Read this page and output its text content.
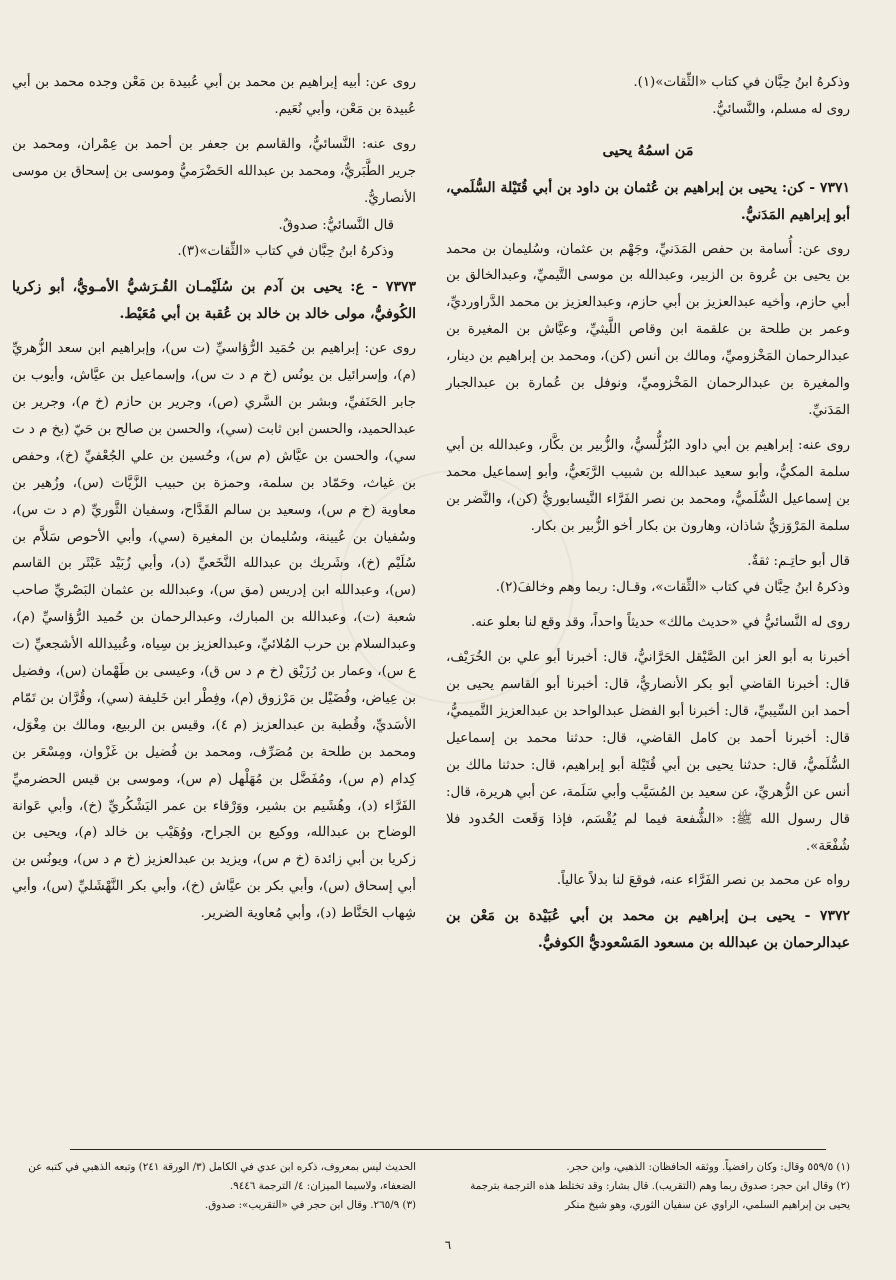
وذكرهُ ابنُ حِبَّان في كتاب «الثِّقات»(١).

روى له مسلم، والنَّسائيُّ.

مَن اسمُهُ يحيى

٧٣٧١ - كن: يحيى بن إبراهيم بن عُثمان بن داود بن أبي قُتَيْلة السُّلَمي، أبو إبراهيم المَدَنيُّ.

روى عن: أُسامة بن حفص المَدَنيِّ، وجَهْم بن عثمان، وسُليمان بن محمد بن يحيى بن عُروة بن الزبير، وعبدالله بن موسى التَّيميِّ، وعبدالخالق بن أبي حازم، وأخيه عبدالعزيز بن أبي حازم، وعبدالعزيز بن محمد الدَّراورديِّ، وعمر بن طلحة بن علقمة ابن وقاص اللَّيثيِّ، وعيَّاش بن المغيرة بن عبدالرحمان المَخْزوميِّ، ومالك بن أنس (كن)، ومحمد بن إبراهيم بن دينار، والمغيرة بن عبدالرحمان المَخْزوميِّ، ونوفل بن عُمارة بن عبدالجبار المَدَنيِّ.

روى عنه: إبراهيم بن أبي داود البُرُلُّسيُّ، والزُّبير بن بكَّار، وعبدالله بن أبي سلمة المكيُّ، وأبو سعيد عبدالله بن شبيب الرَّبَعيُّ، وأبو إسماعيل محمد بن إسماعيل السُّلَميُّ، ومحمد بن نصر الفَرَّاء النَّيسابوريُّ (كن)، والنَّضر بن سلمة المَرْوَزيُّ شاذان، وهارون بن بكار أخو الزُّبير بن بكار.

قال أبو حاتِـم: ثقةٌ.

وذكرهُ ابنُ حِبَّان في كتاب «الثِّقات»، وقـال: ربما وهم وخالفَ(٢).

روى له النَّسائيُّ في «حديث مالك» حديثاً واحداً، وقد وقع لنا بعلو عنه.

أخبرنا به أبو العز ابن الصَّيْقل الحَرَّانيُّ، قال: أخبرنا أبو علي بن الخُرَيْف، قال: أخبرنا القاضي أبو بكر الأنصاريُّ، قال: أخبرنا أبو القاسم يحيى بن أحمد ابن السِّيبيِّ، قال: أخبرنا أبو الفضل عبدالواحد بن عبدالعزيز التَّميميُّ، قال: أخبرنا أحمد بن كامل القاضي، قال: حدثنا محمد بن إسماعيل السُّلَميُّ، قال: حدثنا يحيى بن أبي قُتَيْلة أبو إبراهيم، قال: حدثنا مالك بن أنس عن الزُّهريِّ، عن سعيد بن المُسَيَّب وأبي سَلَمة، عن أبي هريرة، قال: قال رسول الله ﷺ: «الشُّفعة فيما لم يُقْسَم، فإذا وَقَعت الحُدود فلا شُفْعَة».

رواه عن محمد بن نصر الفَرَّاء عنه، فوقعَ لنا بدلاً عالياً.

٧٣٧٢ - يحيى بـن إبراهيم بن محمد بن أبي عُبَيْدة بن مَعْن بن عبدالرحمان بن عبدالله بن مسعود المَسْعوديُّ الكوفيُّ.

روى عن: أبيه إبراهيم بن محمد بن أبي عُبيدة بن مَعْن وجده محمد بن أبي عُبيدة بن مَعْن، وأبي نُعَيم.

روى عنه: النَّسائيُّ، والقاسم بن جعفر بن أحمد بن عِمْران، ومحمد بن جرير الطَّبَريُّ، ومحمد بن عبدالله الحَضْرَميُّ وموسى بن إسحاق بن موسى الأنصاريُّ.

قال النَّسائيُّ: صدوقٌ.

وذكرهُ ابنُ حِبَّان في كتاب «الثِّقات»(٣).

٧٣٧٣ - ع: يحيى بن آدم بن سُلَيْمـان القُـرَشيُّ الأمـويُّ، أبو زكريا الكُوفيُّ، مولى خالد بن خالد بن عُقبة بن أبي مُعَيْط.

روى عن: إبراهيم بن حُمَيد الرُّؤاسيِّ (ت س)، وإبراهيم ابن سعد الزُّهريِّ (م)، وإسرائيل بن يونُس (خ م د ت س)، وإسماعيل بن عيَّاش، وأيوب بن جابر الحَنَفيِّ، وبشر بن السَّري (ص)، وجرير بن حازم (خ م)، وجرير بن عبدالحميد، والحسن ابن ثابت (سي)، والحسن بن صالح بن حَيّ (بخ م د ت سي)، والحسن بن عيَّاش (م س)، وحُسين بن علي الجُعْفيِّ (خ)، وحفص بن غياث، وحَمّاد بن سلمة، وحمزة بن حبيب الزَّيَّات (س)، وزُهير بن معاوية (خ م س)، وسعيد بن سالم القَدَّاح، وسفيان الثَّوريِّ (م د ت س)، وسُفيان بن عُيينة، وسُليمان بن المغيرة (سي)، وأبي الأحوص سَلاَّم بن سُلَيْم (خ)، وشَريك بن عبدالله النَّخَعيِّ (د)، وأبي زُبَيْد عَبْثَر بن القاسم (س)، وعبدالله ابن إدريس (مق س)، وعبدالله بن عثمان البَصْريِّ صاحب شعبة (ت)، وعبدالله بن المبارك، وعبدالرحمان بن حُميد الرُّؤاسيِّ (م)، وعبدالسلام بن حرب المُلائيِّ، وعبدالعزيز بن سِياه، وعُبيدالله الأشجعيِّ (ت ع س)، وعمار بن رُزَيْق (خ م د س ق)، وعيسى بن طَهْمان (س)، وفضيل بن عِياض، وفُضَيْل بن مَرْزوق (م)، وفِطْر ابن خَليفة (سي)، وقُرَّان بن تَمّام الأسَديِّ، وقُطبة بن عبدالعزيز (م ٤)، وقيس بن الربيع، ومالك بن مِغْوَل، ومحمد بن طلحة بن مُصَرِّف، ومحمد بن فُضيل بن غَزْوان، ومِسْعَر بن كِدام (م س)، ومُفَضَّل بن مُهَلْهل (م س)، وموسى بن قيس الحضرميِّ الفَرَّاء (د)، وهُشَيم بن بشير، ووَرْقاء بن عمر اليَشْكُريِّ (خ)، وأبي عَوانة الوضاح بن عبدالله، ووكيع بن الجراح، ووُهَيْب بن خالد (م)، ويحيى بن زكريا بن أبي زائدة (خ م س)، ويزيد بن عبدالعزيز (خ م د س)، ويونُس بن أبي إسحاق (س)، وأبي بكر بن عيَّاش (خ)، وأبي بكر النَّهْشَليِّ (س)، وأبي شِهاب الحَنَّاط (د)، وأبي مُعاوية الضرير.

(١) ٥٥٩/٥ وقال: وكان رافضياً. ووثقه الحافظان: الذهبي، وابن حجر.

(٢) وقال ابن حجر: صدوق ربما وهم (التقريب). قال بشار: وقد تختلط هذه الترجمة بترجمة يحيى بن إبراهيم السلمي، الراوي عن سفيان الثوري، وهو شيخ منكر

الحديث ليس بمعروف، ذكره ابن عدي في الكامل (٣/ الورقة ٢٤١) وتبعه الذهبي في كتبه عن الضعفاء، ولاسيما الميزان: ٤/ الترجمة ٩٤٤٦.

(٣) ٢٦٥/٩. وقال ابن حجر في «التقريب»: صدوق.

٦
